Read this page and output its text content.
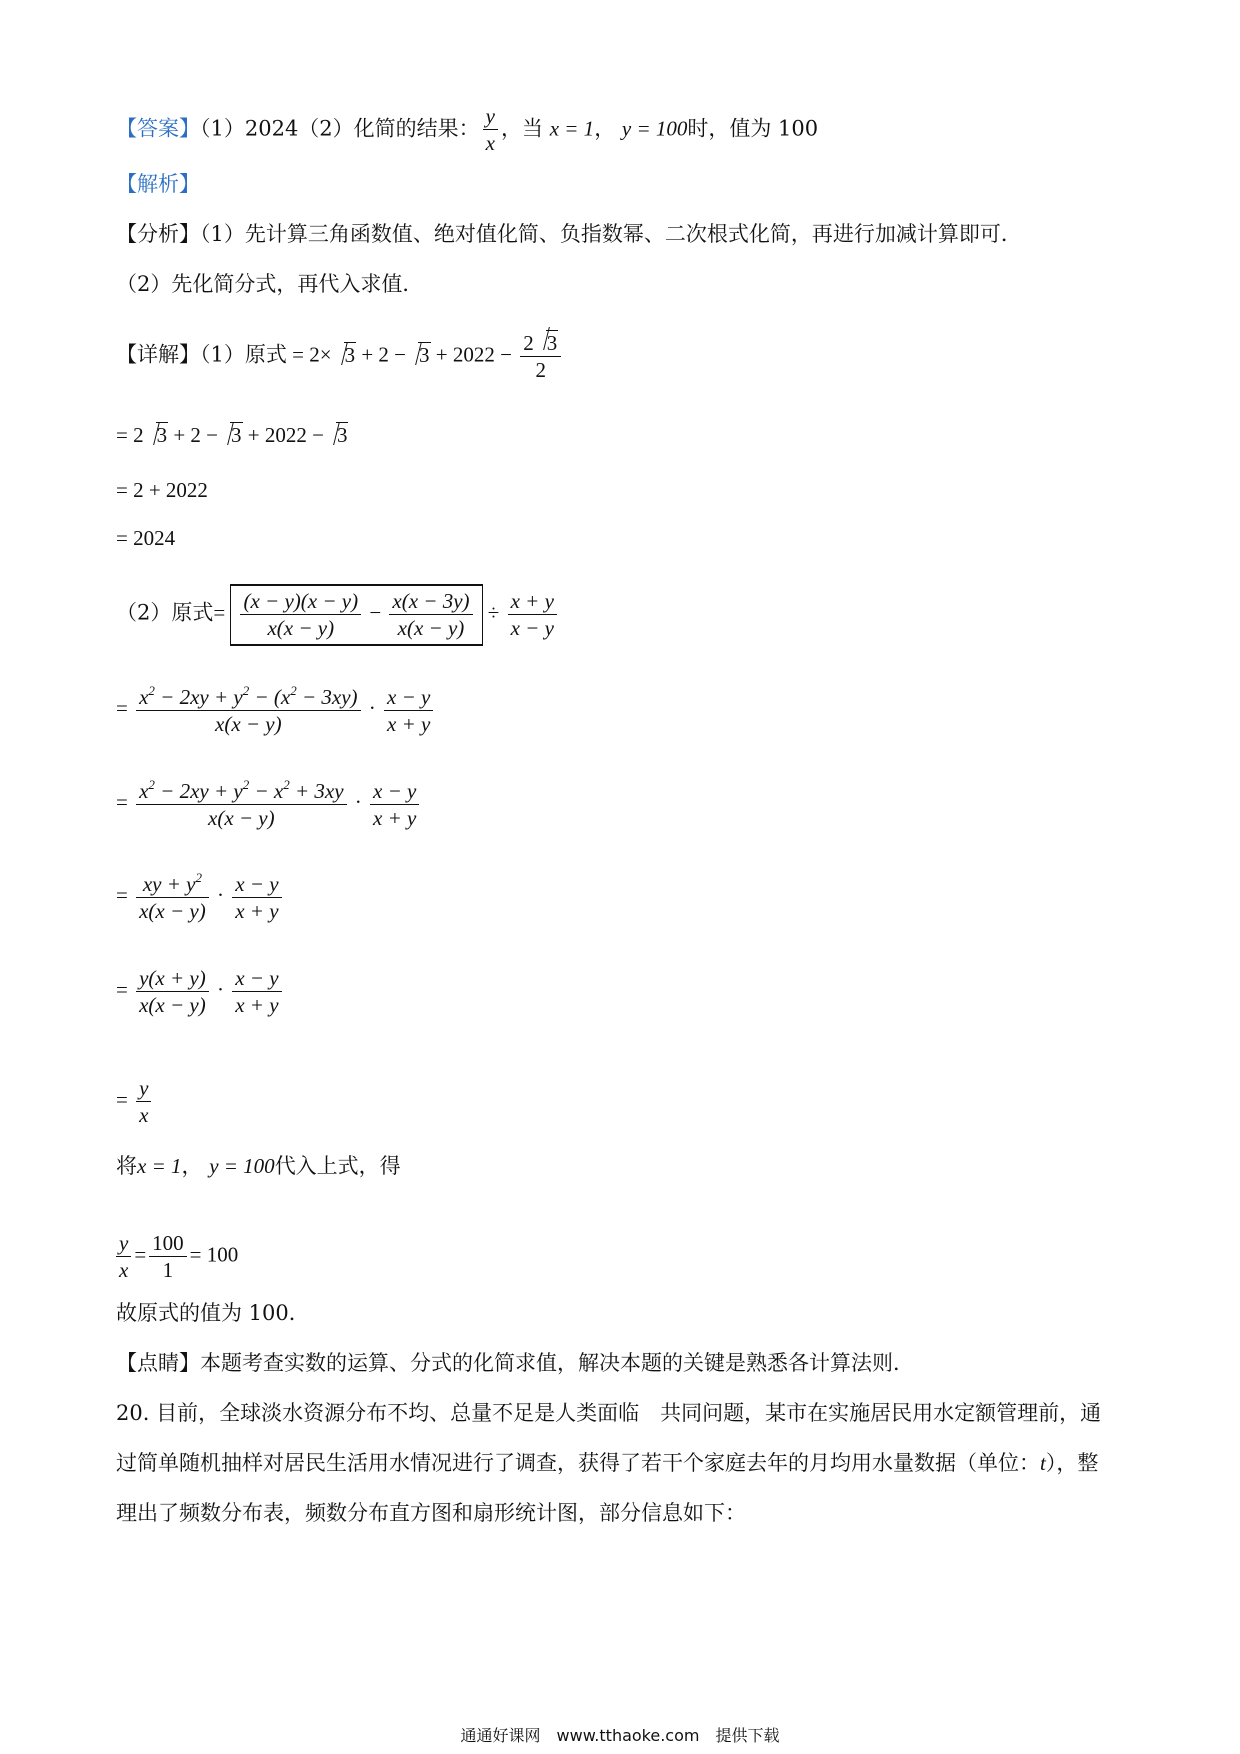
【答案】（1）2024（2）化简的结果： $\frac{y}{x}$ ，当 x = 1， y = 100时，值为 100
【解析】
【分析】（1）先计算三角函数值、绝对值化简、负指数幂、二次根式化简，再进行加减计算即可．
（2）先化简分式，再代入求值．
【详解】（1）原式 = $2\times 3 + 2 - 3 + 2022 - \frac{2 3}{2}$
= 2 3 + 2 − 3 + 2022 − 3
= 2 + 2022
= 2024
（2）原式= $\frac{(x - y)(x - y)}{x(x - y)} - \frac{x(x - 3y)}{x(x - y)} \div \frac{x + y}{x - y}$
= $\frac{x^2 - 2xy + y^2 - (x^2 - 3xy)}{x(x - y)} \cdot \frac{x - y}{x + y}$
= $\frac{x^2 - 2xy + y^2 - x^2 + 3xy}{x(x - y)} \cdot \frac{x - y}{x + y}$
= $\frac{xy + y^2}{x(x - y)} \cdot \frac{x - y}{x + y}$
= $\frac{y(x + y)}{x(x - y)} \cdot \frac{x - y}{x + y}$
= $\frac{y}{x}$
将x = 1， y = 100代入上式，得
$\frac{y}{x} = \frac{100}{1} = 100$
故原式的值为 100．
【点睛】本题考查实数的运算、分式的化简求值，解决本题的关键是熟悉各计算法则．
20. 目前，全球淡水资源分布不均、总量不足是人类面临　共同问题，某市在实施居民用水定额管理前，通
过简单随机抽样对居民生活用水情况进行了调查，获得了若干个家庭去年的月均用水量数据（单位：t），整
理出了频数分布表，频数分布直方图和扇形统计图，部分信息如下：
通通好课网　www.tthaoke.com　提供下载
